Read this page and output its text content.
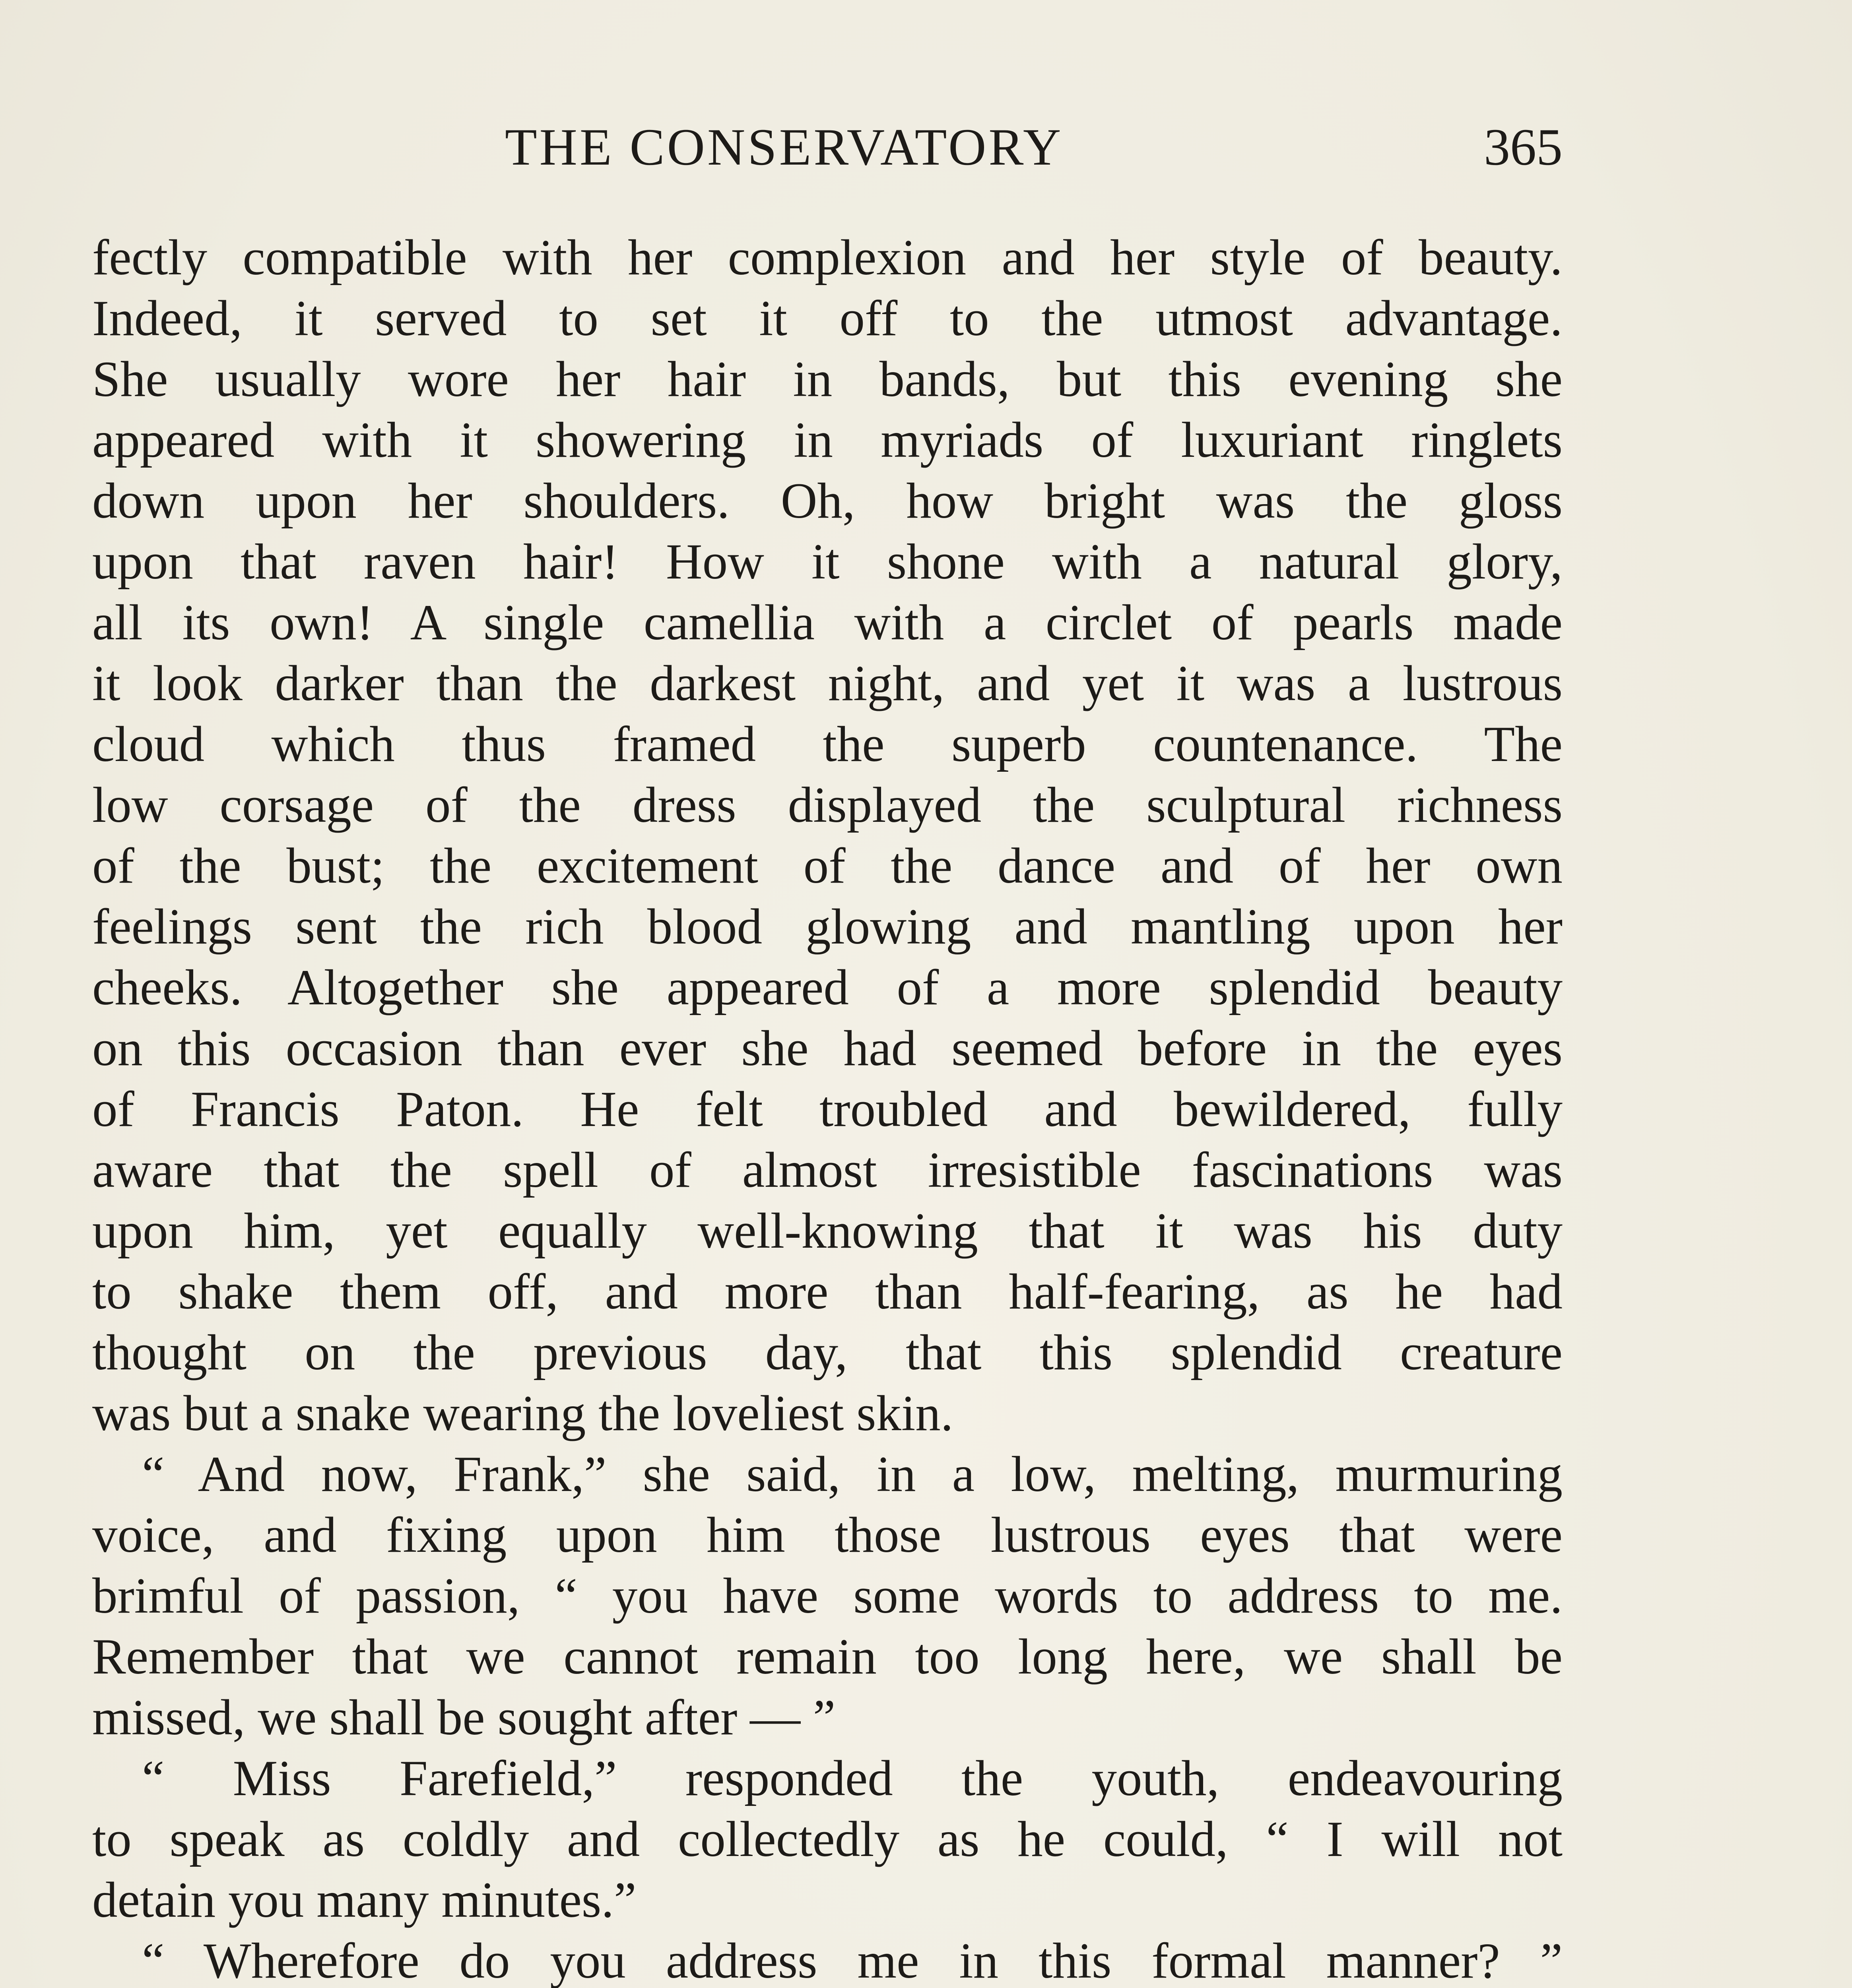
THE CONSERVATORY	365
fectly compatible with her complexion and her style of beauty.
Indeed, it served to set it off to the utmost advantage.
She usually wore her hair in bands, but this evening she
appeared with it showering in myriads of luxuriant ringlets
down upon her shoulders. Oh, how bright was the gloss
upon that raven hair! How it shone with a natural glory,
all its own! A single camellia with a circlet of pearls made
it look darker than the darkest night, and yet it was a lustrous
cloud which thus framed the superb countenance. The
low corsage of the dress displayed the sculptural richness
of the bust; the excitement of the dance and of her own
feelings sent the rich blood glowing and mantling upon her
cheeks. Altogether she appeared of a more splendid beauty
on this occasion than ever she had seemed before in the eyes
of Francis Paton. He felt troubled and bewildered, fully
aware that the spell of almost irresistible fascinations was
upon him, yet equally well-knowing that it was his duty
to shake them off, and more than half-fearing, as he had
thought on the previous day, that this splendid creature
was but a snake wearing the loveliest skin.
“ And now, Frank,” she said, in a low, melting, murmuring
voice, and fixing upon him those lustrous eyes that were
brimful of passion, “ you have some words to address to me.
Remember that we cannot remain too long here, we shall be
missed, we shall be sought after — ”
“ Miss Farefield,” responded the youth, endeavouring
to speak as coldly and collectedly as he could, “ I will not
detain you many minutes.”
“ Wherefore do you address me in this formal manner? ”
